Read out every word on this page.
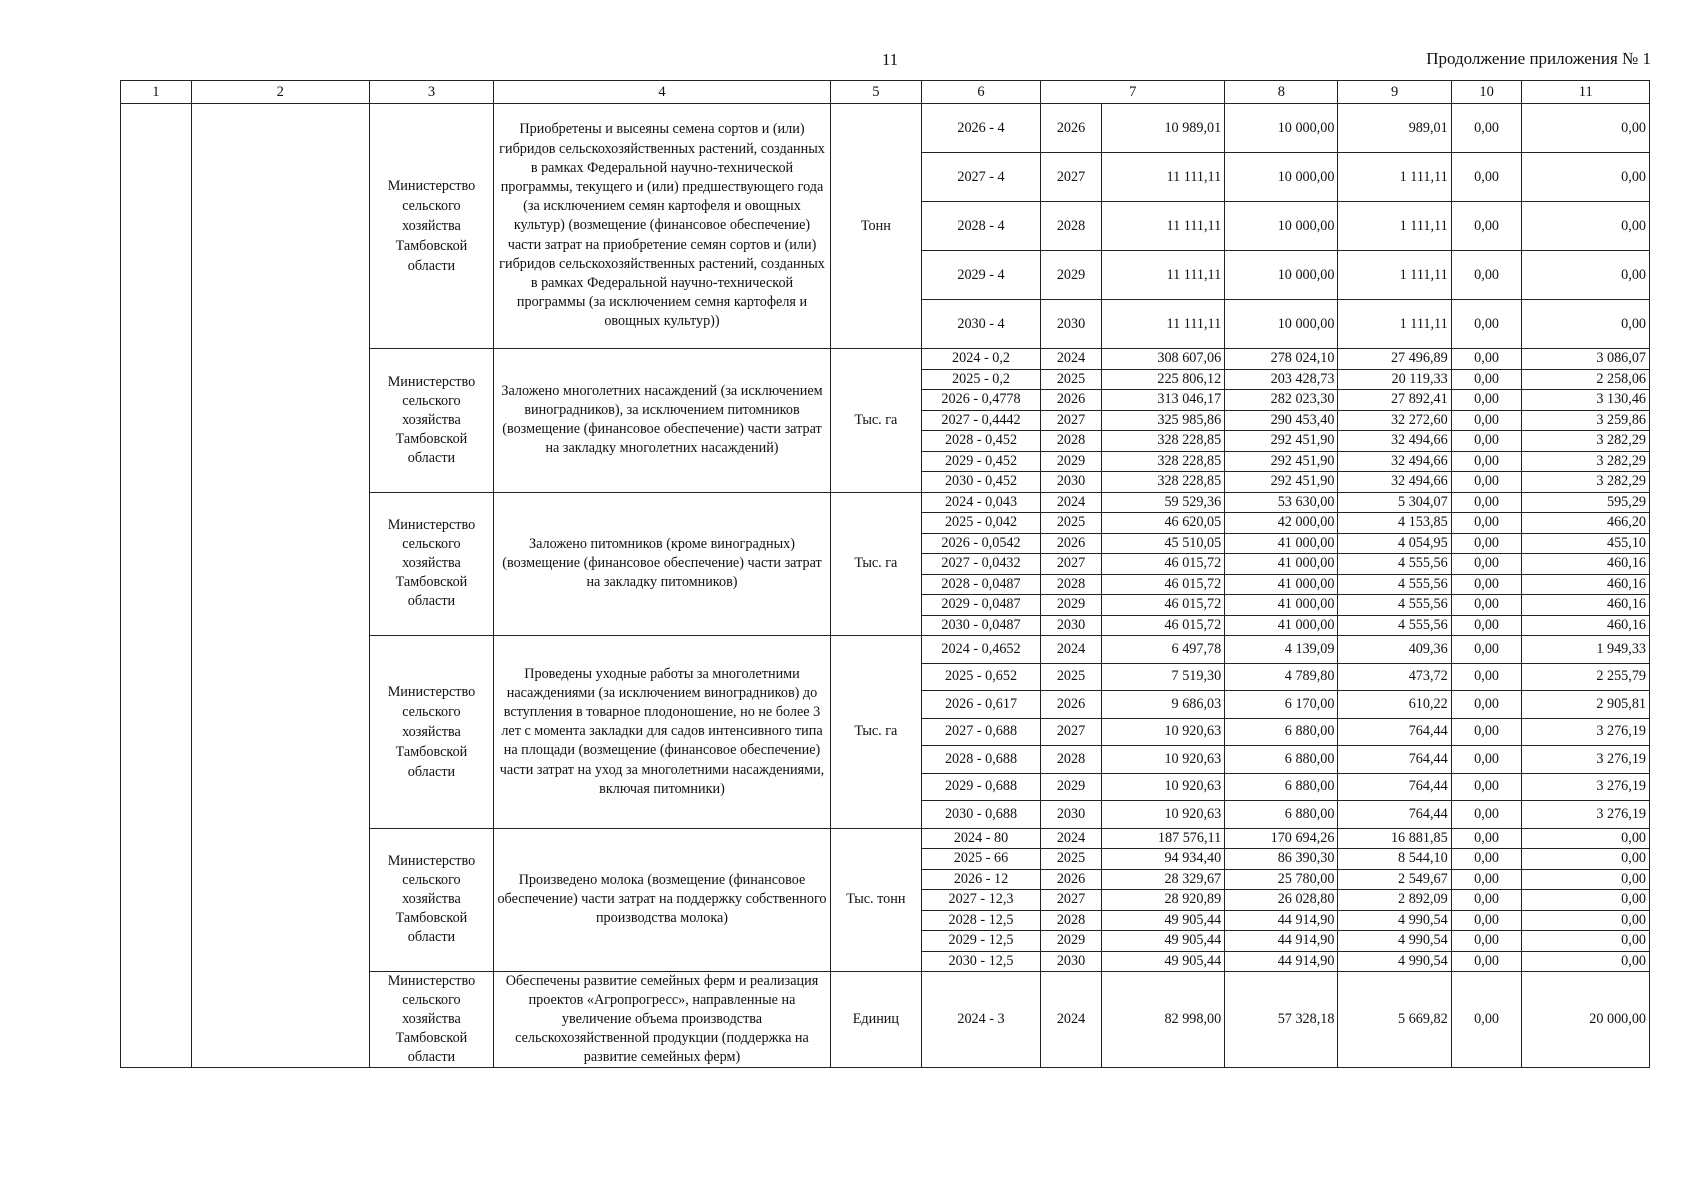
11	Продолжение приложения № 1
1	2	3	4	5	6	7		8	9	10	11
		Министерство сельского хозяйства Тамбовской области	Приобретены и высеяны семена сортов и (или) гибридов сельскохозяйственных растений, созданных в рамках Федеральной научно-технической программы, текущего и (или) предшествующего года (за исключением семян картофеля и овощных культур) (возмещение (финансовое обеспечение) части затрат на приобретение семян сортов и (или) гибридов сельскохозяйственных растений, созданных в рамках Федеральной научно-технической программы (за исключением семня картофеля и овощных культур))	Тонн	2026 - 4	2026	10 989,01	10 000,00	989,01	0,00	0,00
					2027 - 4	2027	11 111,11	10 000,00	1 111,11	0,00	0,00
					2028 - 4	2028	11 111,11	10 000,00	1 111,11	0,00	0,00
					2029 - 4	2029	11 111,11	10 000,00	1 111,11	0,00	0,00
					2030 - 4	2030	11 111,11	10 000,00	1 111,11	0,00	0,00
		Министерство сельского хозяйства Тамбовской области	Заложено многолетних насаждений (за исключением виноградников), за исключением питомников (возмещение (финансовое обеспечение) части затрат на закладку многолетних насаждений)	Тыс. га	2024 - 0,2	2024	308 607,06	278 024,10	27 496,89	0,00	3 086,07
					2025 - 0,2	2025	225 806,12	203 428,73	20 119,33	0,00	2 258,06
					2026 - 0,4778	2026	313 046,17	282 023,30	27 892,41	0,00	3 130,46
					2027 - 0,4442	2027	325 985,86	290 453,40	32 272,60	0,00	3 259,86
					2028 - 0,452	2028	328 228,85	292 451,90	32 494,66	0,00	3 282,29
					2029 - 0,452	2029	328 228,85	292 451,90	32 494,66	0,00	3 282,29
					2030 - 0,452	2030	328 228,85	292 451,90	32 494,66	0,00	3 282,29
		Министерство сельского хозяйства Тамбовской области	Заложено питомников (кроме виноградных) (возмещение (финансовое обеспечение) части затрат на закладку питомников)	Тыс. га	2024 - 0,043	2024	59 529,36	53 630,00	5 304,07	0,00	595,29
					2025 - 0,042	2025	46 620,05	42 000,00	4 153,85	0,00	466,20
					2026 - 0,0542	2026	45 510,05	41 000,00	4 054,95	0,00	455,10
					2027 - 0,0432	2027	46 015,72	41 000,00	4 555,56	0,00	460,16
					2028 - 0,0487	2028	46 015,72	41 000,00	4 555,56	0,00	460,16
					2029 - 0,0487	2029	46 015,72	41 000,00	4 555,56	0,00	460,16
					2030 - 0,0487	2030	46 015,72	41 000,00	4 555,56	0,00	460,16
		Министерство сельского хозяйства Тамбовской области	Проведены уходные работы за многолетними насаждениями (за исключением виноградников) до вступления в товарное плодоношение, но не более 3 лет с момента закладки для садов интенсивного типа на площади (возмещение (финансовое обеспечение) части затрат на уход за многолетними насаждениями, включая питомники)	Тыс. га	2024 - 0,4652	2024	6 497,78	4 139,09	409,36	0,00	1 949,33
					2025 - 0,652	2025	7 519,30	4 789,80	473,72	0,00	2 255,79
					2026 - 0,617	2026	9 686,03	6 170,00	610,22	0,00	2 905,81
					2027 - 0,688	2027	10 920,63	6 880,00	764,44	0,00	3 276,19
					2028 - 0,688	2028	10 920,63	6 880,00	764,44	0,00	3 276,19
					2029 - 0,688	2029	10 920,63	6 880,00	764,44	0,00	3 276,19
					2030 - 0,688	2030	10 920,63	6 880,00	764,44	0,00	3 276,19
		Министерство сельского хозяйства Тамбовской области	Произведено молока (возмещение (финансовое обеспечение) части затрат на поддержку собственного производства молока)	Тыс. тонн	2024 - 80	2024	187 576,11	170 694,26	16 881,85	0,00	0,00
					2025 - 66	2025	94 934,40	86 390,30	8 544,10	0,00	0,00
					2026 - 12	2026	28 329,67	25 780,00	2 549,67	0,00	0,00
					2027 - 12,3	2027	28 920,89	26 028,80	2 892,09	0,00	0,00
					2028 - 12,5	2028	49 905,44	44 914,90	4 990,54	0,00	0,00
					2029 - 12,5	2029	49 905,44	44 914,90	4 990,54	0,00	0,00
					2030 - 12,5	2030	49 905,44	44 914,90	4 990,54	0,00	0,00
		Министерство сельского хозяйства Тамбовской области	Обеспечены развитие семейных ферм и реализация проектов «Агропрогресс», направленные на увеличение объема производства сельскохозяйственной продукции (поддержка на развитие семейных ферм)	Единиц	2024 - 3	2024	82 998,00	57 328,18	5 669,82	0,00	20 000,00
